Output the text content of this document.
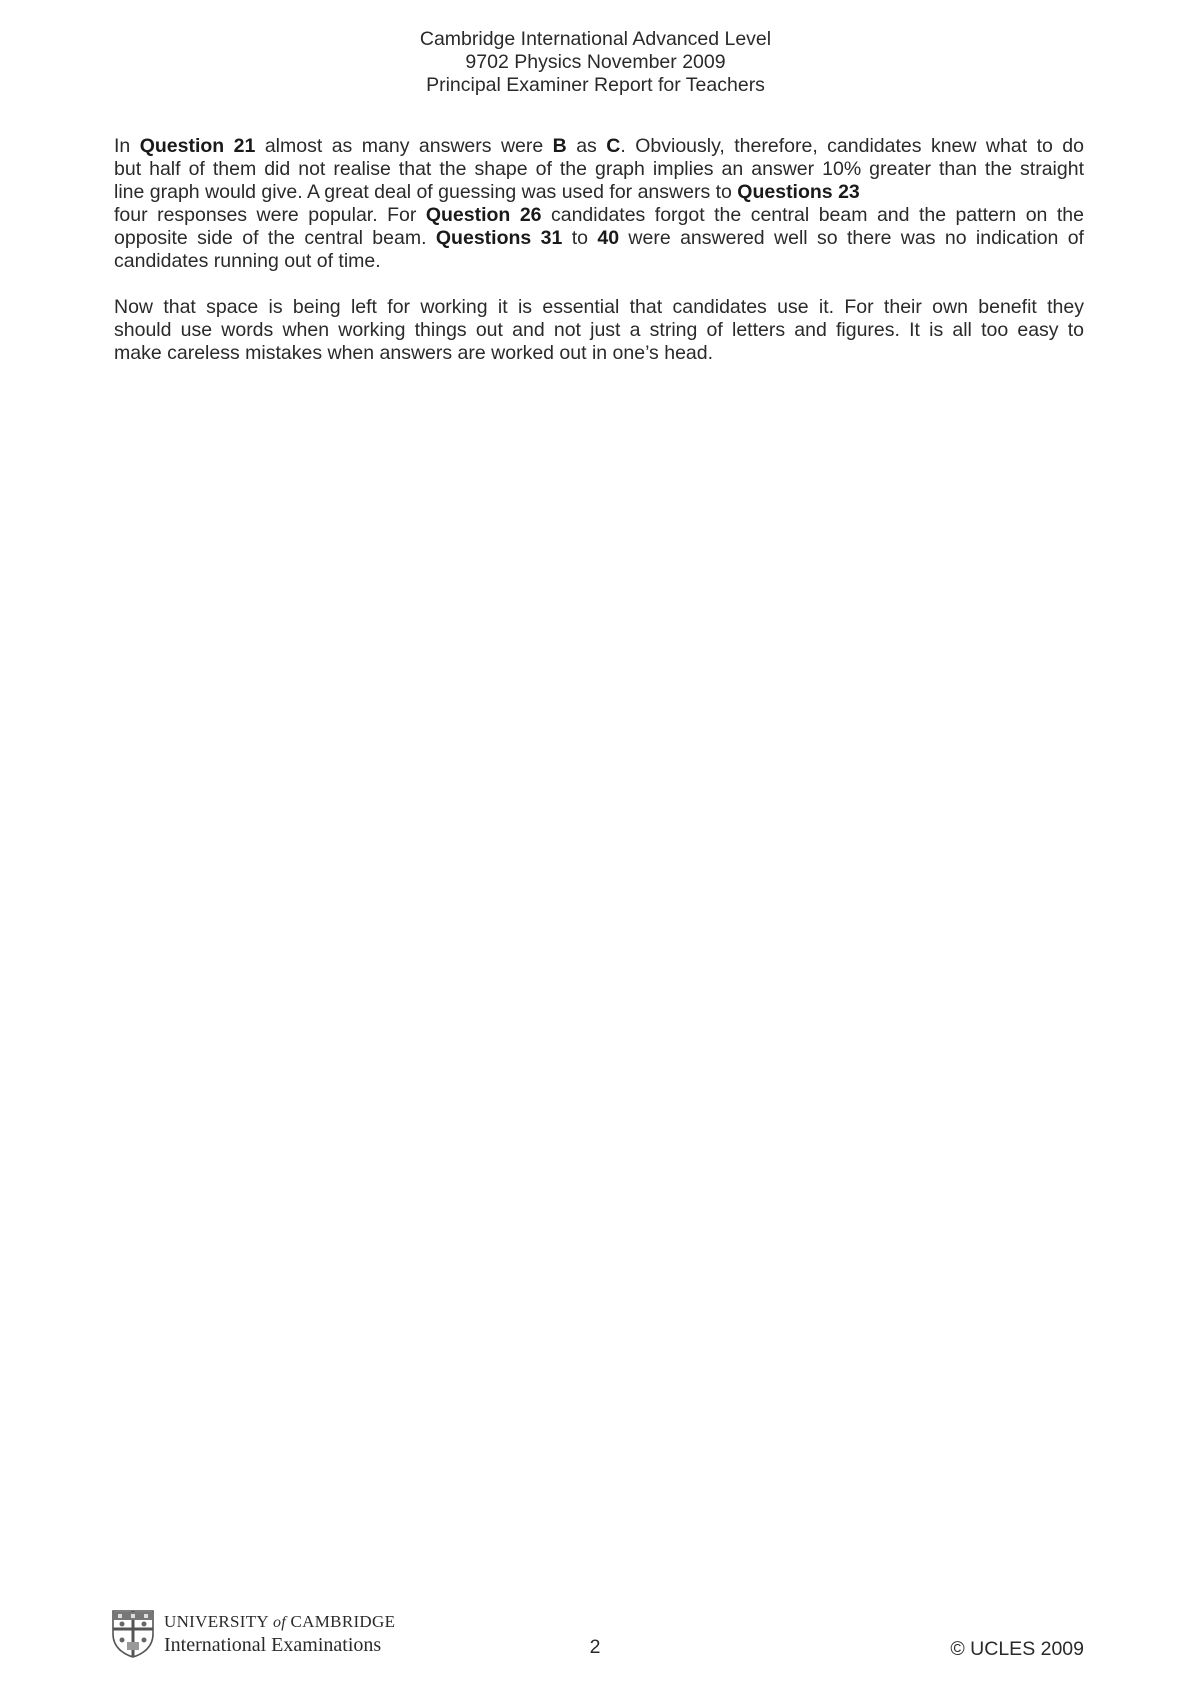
Cambridge International Advanced Level
9702 Physics November 2009
Principal Examiner Report for Teachers
In Question 21 almost as many answers were B as C. Obviously, therefore, candidates knew what to do
but half of them did not realise that the shape of the graph implies an answer 10% greater than the straight
line graph would give. A great deal of guessing was used for answers to Questions 23
four responses were popular. For Question 26 candidates forgot the central beam and the pattern on the
opposite side of the central beam. Questions 31 to 40 were answered well so there was no indication of
candidates running out of time.
Now that space is being left for working it is essential that candidates use it. For their own benefit they
should use words when working things out and not just a string of letters and figures. It is all too easy to
make careless mistakes when answers are worked out in one’s head.
UNIVERSITY of CAMBRIDGE
International Examinations	2	© UCLES 2009
